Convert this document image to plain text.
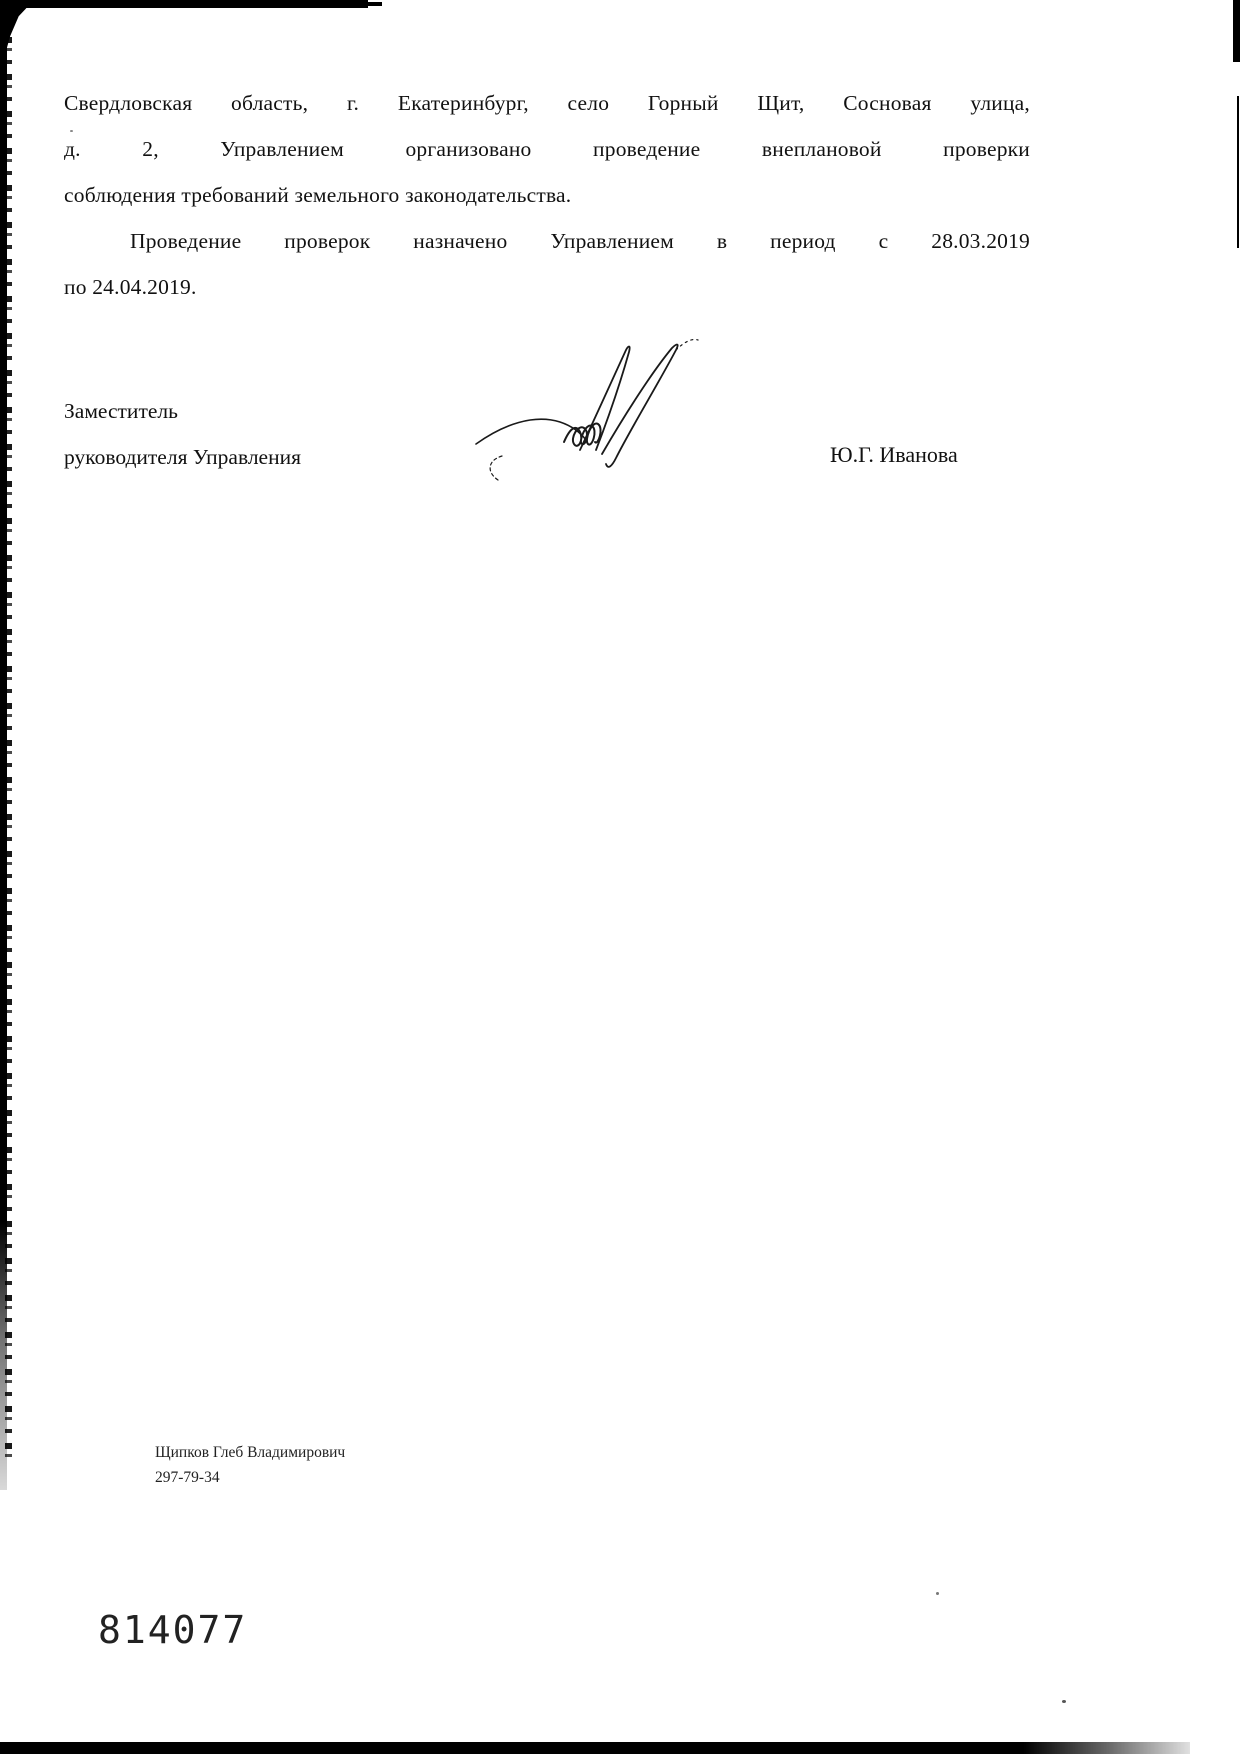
Свердловская область, г. Екатеринбург, село Горный Щит, Сосновая улица,
д. 2, Управлением организовано проведение внеплановой проверки
соблюдения требований земельного законодательства.
Проведение проверок назначено Управлением в период с 28.03.2019
по 24.04.2019.
Заместитель
руководителя Управления	Ю.Г. Иванова
Щипков Глеб Владимирович
297-79-34
814077
